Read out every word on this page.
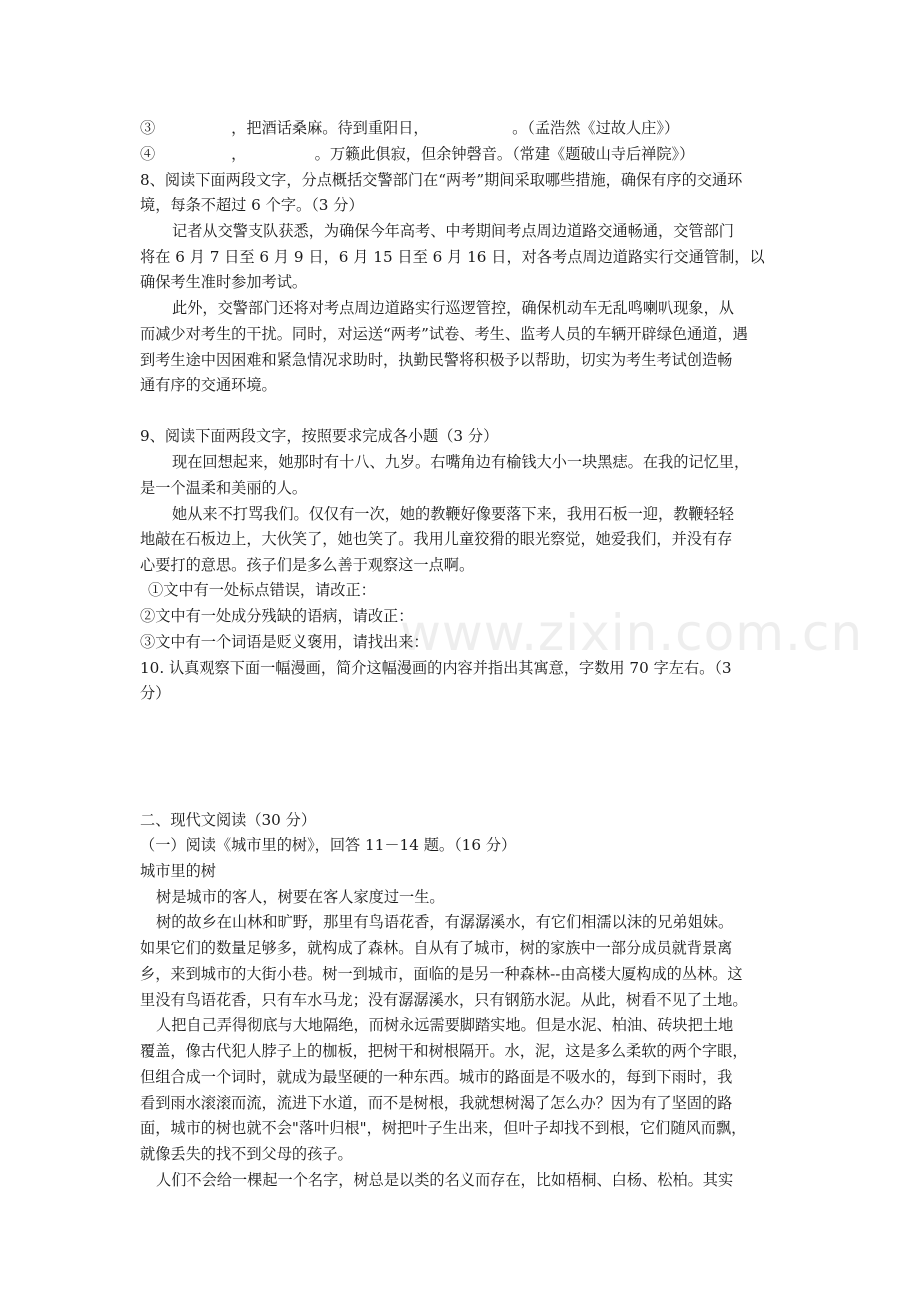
www.zixin.com.cn
③　　　　　，把酒话桑麻。待到重阳日，　　　　　　。（孟浩然《过故人庄》）
④　　　　　，　　　　　。万籁此俱寂，但余钟磬音。（常建《题破山寺后禅院》）
8、阅读下面两段文字，分点概括交警部门在“两考”期间采取哪些措施，确保有序的交通环
境，每条不超过 6 个字。（3 分）
记者从交警支队获悉，为确保今年高考、中考期间考点周边道路交通畅通，交管部门
将在 6 月 7 日至 6 月 9 日，6 月 15 日至 6 月 16 日，对各考点周边道路实行交通管制，以
确保考生准时参加考试。
此外，交警部门还将对考点周边道路实行巡逻管控，确保机动车无乱鸣喇叭现象，从
而减少对考生的干扰。同时，对运送“两考”试卷、考生、监考人员的车辆开辟绿色通道，遇
到考生途中因困难和紧急情况求助时，执勤民警将积极予以帮助，切实为考生考试创造畅
通有序的交通环境。
9、阅读下面两段文字，按照要求完成各小题（3 分）
现在回想起来，她那时有十八、九岁。右嘴角边有榆钱大小一块黑痣。在我的记忆里，
是一个温柔和美丽的人。
她从来不打骂我们。仅仅有一次，她的教鞭好像要落下来，我用石板一迎，教鞭轻轻
地敲在石板边上，大伙笑了，她也笑了。我用儿童狡猾的眼光察觉，她爱我们，并没有存
心要打的意思。孩子们是多么善于观察这一点啊。
①文中有一处标点错误，请改正：
②文中有一处成分残缺的语病，请改正：
③文中有一个词语是贬义褒用，请找出来：
10. 认真观察下面一幅漫画，简介这幅漫画的内容并指出其寓意，字数用 70 字左右。（3
分）
二、现代文阅读（30 分）
（一）阅读《城市里的树》，回答 11－14 题。（16 分）
城市里的树
树是城市的客人，树要在客人家度过一生。
树的故乡在山林和旷野，那里有鸟语花香，有潺潺溪水，有它们相濡以沫的兄弟姐妹。
如果它们的数量足够多，就构成了森林。自从有了城市，树的家族中一部分成员就背景离
乡，来到城市的大街小巷。树一到城市，面临的是另一种森林--由高楼大厦构成的丛林。这
里没有鸟语花香，只有车水马龙；没有潺潺溪水，只有钢筋水泥。从此，树看不见了土地。
人把自己弄得彻底与大地隔绝，而树永远需要脚踏实地。但是水泥、柏油、砖块把土地
覆盖，像古代犯人脖子上的枷板，把树干和树根隔开。水，泥，这是多么柔软的两个字眼，
但组合成一个词时，就成为最坚硬的一种东西。城市的路面是不吸水的，每到下雨时，我
看到雨水滚滚而流，流进下水道，而不是树根，我就想树渴了怎么办？因为有了坚固的路
面，城市的树也就不会"落叶归根"，树把叶子生出来，但叶子却找不到根，它们随风而飘，
就像丢失的找不到父母的孩子。
人们不会给一棵起一个名字，树总是以类的名义而存在，比如梧桐、白杨、松柏。其实
